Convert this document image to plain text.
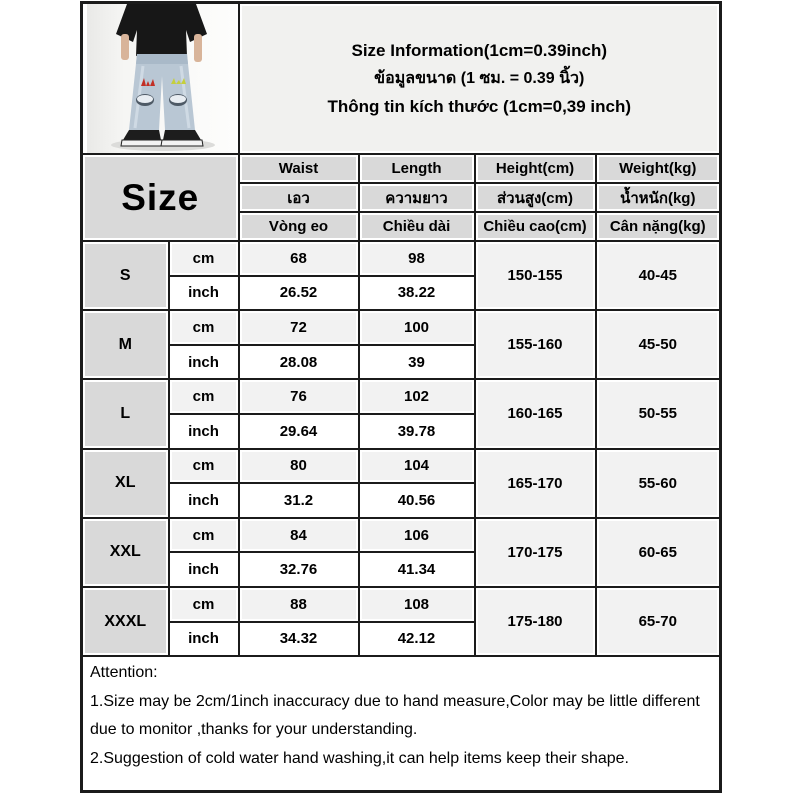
Size Information(1cm=0.39inch)
ข้อมูลขนาด (1 ซม. = 0.39 นิ้ว)
Thông tin kích thước (1cm=0,39 inch)			

Size		Waist	Length	Height(cm)	Weight(kg)
		เอว	ความยาว	ส่วนสูง(cm)	น้ำหนัก(kg)
		Vòng eo	Chiều dài	Chiều cao(cm)	Cân nặng(kg)
S	cm	68	98	150-155	40-45
	inch	26.52	38.22		
M	cm	72	100	155-160	45-50
	inch	28.08	39		
L	cm	76	102	160-165	50-55
	inch	29.64	39.78		
XL	cm	80	104	165-170	55-60
	inch	31.2	40.56		
XXL	cm	84	106	170-175	60-65
	inch	32.76	41.34		
XXXL	cm	88	108	175-180	65-70
	inch	34.32	42.12		

Attention:
1.Size may be 2cm/1inch inaccuracy due to hand measure,Color may be little different due to monitor ,thanks for your understanding.
2.Suggestion of cold water hand washing,it can help items keep their shape.					
